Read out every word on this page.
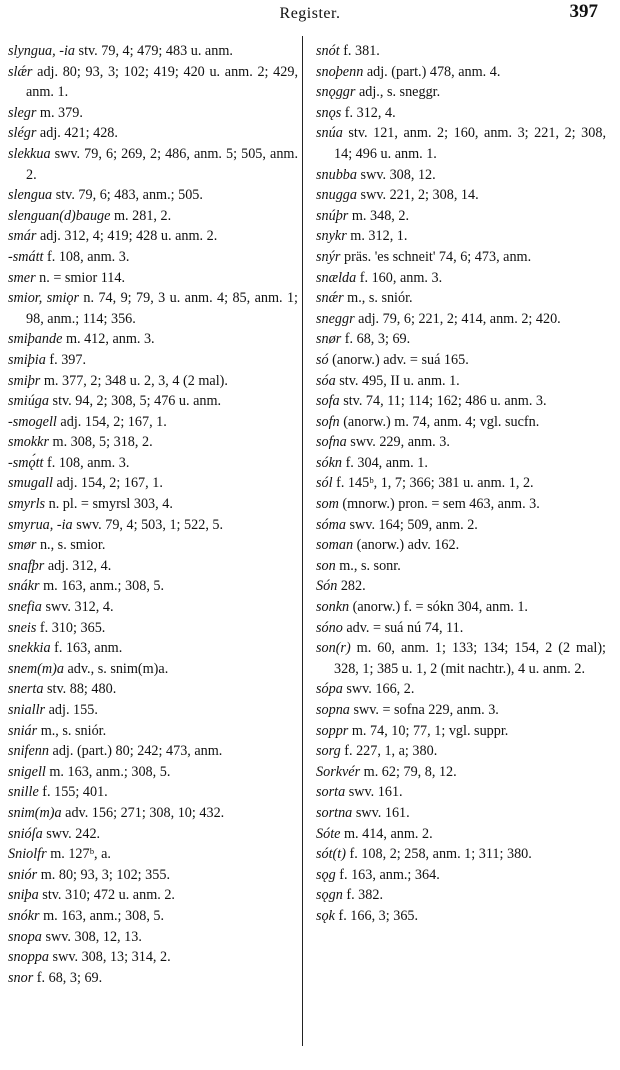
Register.	397

slyngua, -ia stv. 79, 4; 479; 483 u. anm.

slǽr adj. 80; 93, 3; 102; 419; 420 u. anm. 2; 429, anm. 1.

slegr m. 379.

slégr adj. 421; 428.

slekkua swv. 79, 6; 269, 2; 486, anm. 5; 505, anm. 2.

slengua stv. 79, 6; 483, anm.; 505.

slenguan(d)bauge m. 281, 2.

smár adj. 312, 4; 419; 428 u. anm. 2.

-smátt f. 108, anm. 3.

smer n. = smior 114.

smior, smiǫr n. 74, 9; 79, 3 u. anm. 4; 85, anm. 1; 98, anm.; 114; 356.

smiþande m. 412, anm. 3.

smiþia f. 397.

smiþr m. 377, 2; 348 u. 2, 3, 4 (2 mal).

smiúga stv. 94, 2; 308, 5; 476 u. anm.

-smogell adj. 154, 2; 167, 1.

smokkr m. 308, 5; 318, 2.

-smǫ́tt f. 108, anm. 3.

smugall adj. 154, 2; 167, 1.

smyrls n. pl. = smyrsl 303, 4.

smyrua, -ia swv. 79, 4; 503, 1; 522, 5.

smør n., s. smior.

snafþr adj. 312, 4.

snákr m. 163, anm.; 308, 5.

snefia swv. 312, 4.

sneis f. 310; 365.

snekkia f. 163, anm.

snem(m)a adv., s. snim(m)a.

snerta stv. 88; 480.

sniallr adj. 155.

sniár m., s. sniór.

snifenn adj. (part.) 80; 242; 473, anm.

snigell m. 163, anm.; 308, 5.

snille f. 155; 401.

snim(m)a adv. 156; 271; 308, 10; 432.

snióſa swv. 242.

Sniolfr m. 127ᵇ, a.

sniór m. 80; 93, 3; 102; 355.

sniþa stv. 310; 472 u. anm. 2.

snókr m. 163, anm.; 308, 5.

snopa swv. 308, 12, 13.

snoppa swv. 308, 13; 314, 2.

snor f. 68, 3; 69.

snót f. 381.

snoþenn adj. (part.) 478, anm. 4.

snǫggr adj., s. sneggr.

snǫs f. 312, 4.

snúa stv. 121, anm. 2; 160, anm. 3; 221, 2; 308, 14; 496 u. anm. 1.

snubba swv. 308, 12.

snugga swv. 221, 2; 308, 14.

snúþr m. 348, 2.

snykr m. 312, 1.

snýr präs. 'es schneit' 74, 6; 473, anm.

snælda f. 160, anm. 3.

snǽr m., s. sniór.

sneggr adj. 79, 6; 221, 2; 414, anm. 2; 420.

snør f. 68, 3; 69.

só (anorw.) adv. = suá 165.

sóa stv. 495, II u. anm. 1.

sofa stv. 74, 11; 114; 162; 486 u. anm. 3.

sofn (anorw.) m. 74, anm. 4; vgl. sucfn.

sofna swv. 229, anm. 3.

sókn f. 304, anm. 1.

sól f. 145ᵇ, 1, 7; 366; 381 u. anm. 1, 2.

som (mnorw.) pron. = sem 463, anm. 3.

sóma swv. 164; 509, anm. 2.

soman (anorw.) adv. 162.

son m., s. sonr.

Són 282.

sonkn (anorw.) f. = sókn 304, anm. 1.

sóno adv. = suá nú 74, 11.

son(r) m. 60, anm. 1; 133; 134; 154, 2 (2 mal); 328, 1; 385 u. 1, 2 (mit nachtr.), 4 u. anm. 2.

sópa swv. 166, 2.

sopna swv. = sofna 229, anm. 3.

soppr m. 74, 10; 77, 1; vgl. suppr.

sorg f. 227, 1, a; 380.

Sorkvér m. 62; 79, 8, 12.

sorta swv. 161.

sortna swv. 161.

Sóte m. 414, anm. 2.

sót(t) f. 108, 2; 258, anm. 1; 311; 380.

sǫg f. 163, anm.; 364.

sǫgn f. 382.

sǫk f. 166, 3; 365.
